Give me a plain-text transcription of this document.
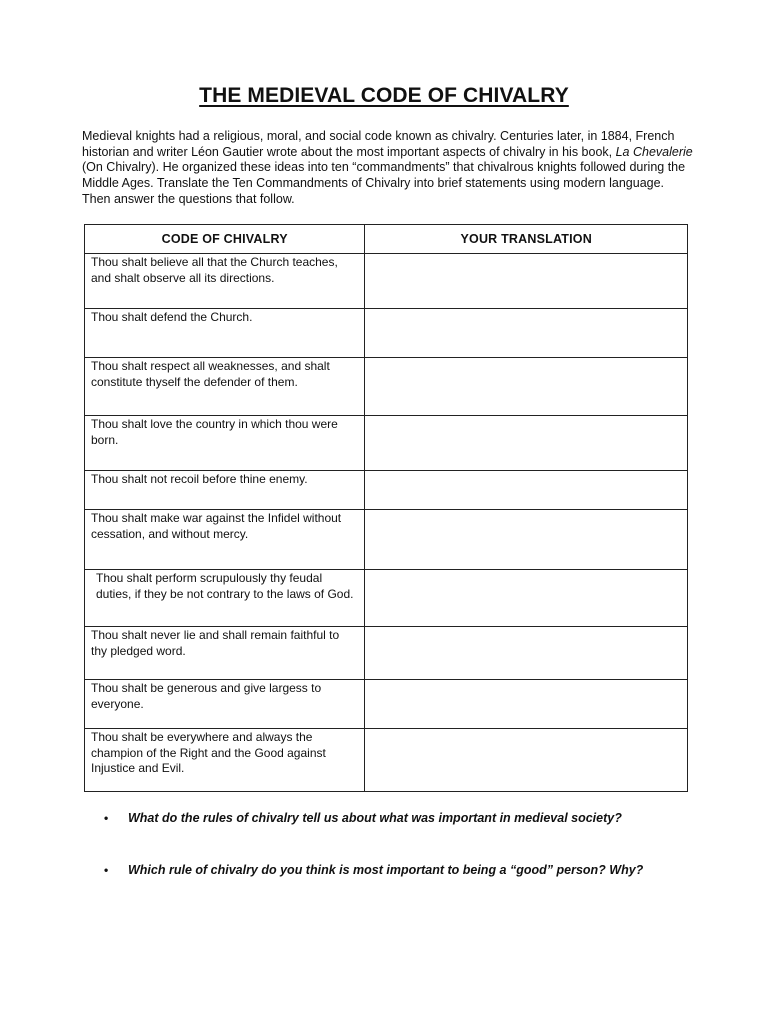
THE MEDIEVAL CODE OF CHIVALRY

Medieval knights had a religious, moral, and social code known as chivalry. Centuries later, in 1884, French historian and writer Léon Gautier wrote about the most important aspects of chivalry in his book, La Chevalerie (On Chivalry). He organized these ideas into ten “commandments” that chivalrous knights followed during the Middle Ages. Translate the Ten Commandments of Chivalry into brief statements using modern language. Then answer the questions that follow.

CODE OF CHIVALRY	YOUR TRANSLATION

Thou shalt believe all that the Church teaches, and shalt observe all its directions.	

Thou shalt defend the Church.	

Thou shalt respect all weaknesses, and shalt constitute thyself the defender of them.	

Thou shalt love the country in which thou were born.	

Thou shalt not recoil before thine enemy.	

Thou shalt make war against the Infidel without cessation, and without mercy.	

Thou shalt perform scrupulously thy feudal duties, if they be not contrary to the laws of God.	

Thou shalt never lie and shall remain faithful to thy pledged word.	

Thou shalt be generous and give largess to everyone.	

Thou shalt be everywhere and always the champion of the Right and the Good against Injustice and Evil.	

• What do the rules of chivalry tell us about what was important in medieval society?
• Which rule of chivalry do you think is most important to being a “good” person? Why?
